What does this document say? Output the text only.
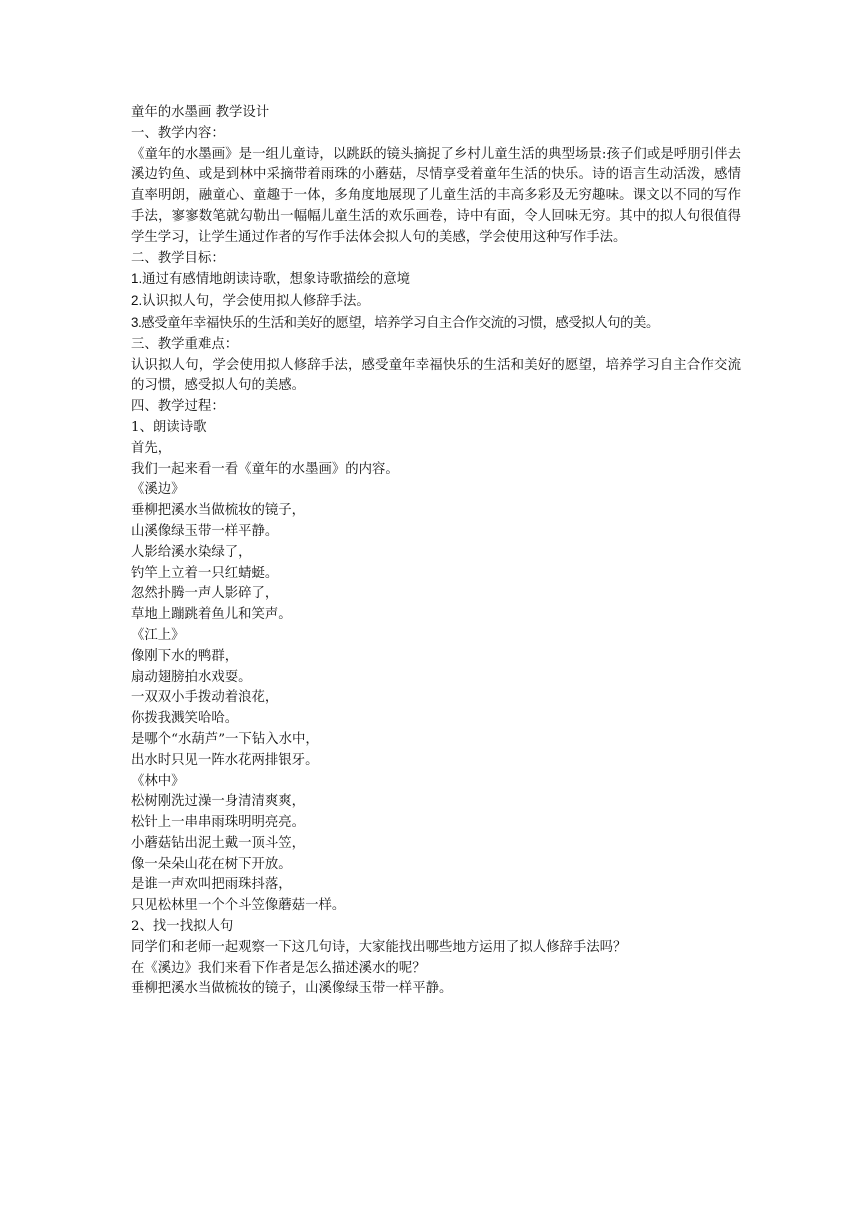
童年的水墨画 教学设计

一、教学内容：

《童年的水墨画》是一组儿童诗，以跳跃的镜头摘捉了乡村儿童生活的典型场景:孩子们或是呼朋引伴去溪边钓鱼、或是到林中采摘带着雨珠的小蘑菇，尽情享受着童年生活的快乐。诗的语言生动活泼，感情直率明朗，融童心、童趣于一体，多角度地展现了儿童生活的丰高多彩及无穷趣味。课文以不同的写作手法，寥寥数笔就勾勒出一幅幅儿童生活的欢乐画卷，诗中有面，令人回味无穷。其中的拟人句很值得学生学习，让学生通过作者的写作手法体会拟人句的美感，学会使用这种写作手法。

二、教学目标：

1.通过有感情地朗读诗歌，想象诗歌描绘的意境

2.认识拟人句，学会使用拟人修辞手法。

3.感受童年幸福快乐的生活和美好的愿望，培养学习自主合作交流的习惯，感受拟人句的美。

三、教学重难点：

认识拟人句，学会使用拟人修辞手法，感受童年幸福快乐的生活和美好的愿望，培养学习自主合作交流的习惯，感受拟人句的美感。

四、教学过程：

1、朗读诗歌

首先，

我们一起来看一看《童年的水墨画》的内容。

《溪边》

垂柳把溪水当做梳妆的镜子，

山溪像绿玉带一样平静。

人影给溪水染绿了，

钓竿上立着一只红蜻蜓。

忽然扑腾一声人影碎了，

草地上蹦跳着鱼儿和笑声。

《江上》

像刚下水的鸭群，

扇动翅膀拍水戏耍。

一双双小手拨动着浪花，

你拨我溅笑哈哈。

是哪个“水葫芦”一下钻入水中，

出水时只见一阵水花两排银牙。

《林中》

松树刚洗过澡一身清清爽爽，

松针上一串串雨珠明明亮亮。

小蘑菇钻出泥土戴一顶斗笠，

像一朵朵山花在树下开放。

是谁一声欢叫把雨珠抖落，

只见松林里一个个斗笠像蘑菇一样。

2、找一找拟人句

同学们和老师一起观察一下这几句诗，大家能找出哪些地方运用了拟人修辞手法吗？

在《溪边》我们来看下作者是怎么描述溪水的呢？

垂柳把溪水当做梳妆的镜子，山溪像绿玉带一样平静。
